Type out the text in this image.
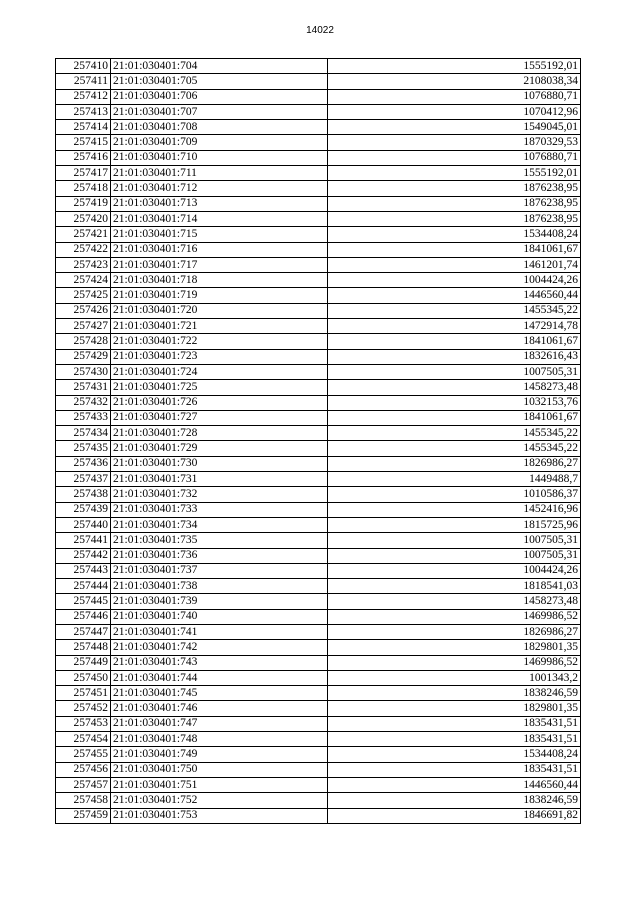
14022
257410	21:01:030401:704	1555192,01
257411	21:01:030401:705	2108038,34
257412	21:01:030401:706	1076880,71
257413	21:01:030401:707	1070412,96
257414	21:01:030401:708	1549045,01
257415	21:01:030401:709	1870329,53
257416	21:01:030401:710	1076880,71
257417	21:01:030401:711	1555192,01
257418	21:01:030401:712	1876238,95
257419	21:01:030401:713	1876238,95
257420	21:01:030401:714	1876238,95
257421	21:01:030401:715	1534408,24
257422	21:01:030401:716	1841061,67
257423	21:01:030401:717	1461201,74
257424	21:01:030401:718	1004424,26
257425	21:01:030401:719	1446560,44
257426	21:01:030401:720	1455345,22
257427	21:01:030401:721	1472914,78
257428	21:01:030401:722	1841061,67
257429	21:01:030401:723	1832616,43
257430	21:01:030401:724	1007505,31
257431	21:01:030401:725	1458273,48
257432	21:01:030401:726	1032153,76
257433	21:01:030401:727	1841061,67
257434	21:01:030401:728	1455345,22
257435	21:01:030401:729	1455345,22
257436	21:01:030401:730	1826986,27
257437	21:01:030401:731	1449488,7
257438	21:01:030401:732	1010586,37
257439	21:01:030401:733	1452416,96
257440	21:01:030401:734	1815725,96
257441	21:01:030401:735	1007505,31
257442	21:01:030401:736	1007505,31
257443	21:01:030401:737	1004424,26
257444	21:01:030401:738	1818541,03
257445	21:01:030401:739	1458273,48
257446	21:01:030401:740	1469986,52
257447	21:01:030401:741	1826986,27
257448	21:01:030401:742	1829801,35
257449	21:01:030401:743	1469986,52
257450	21:01:030401:744	1001343,2
257451	21:01:030401:745	1838246,59
257452	21:01:030401:746	1829801,35
257453	21:01:030401:747	1835431,51
257454	21:01:030401:748	1835431,51
257455	21:01:030401:749	1534408,24
257456	21:01:030401:750	1835431,51
257457	21:01:030401:751	1446560,44
257458	21:01:030401:752	1838246,59
257459	21:01:030401:753	1846691,82
